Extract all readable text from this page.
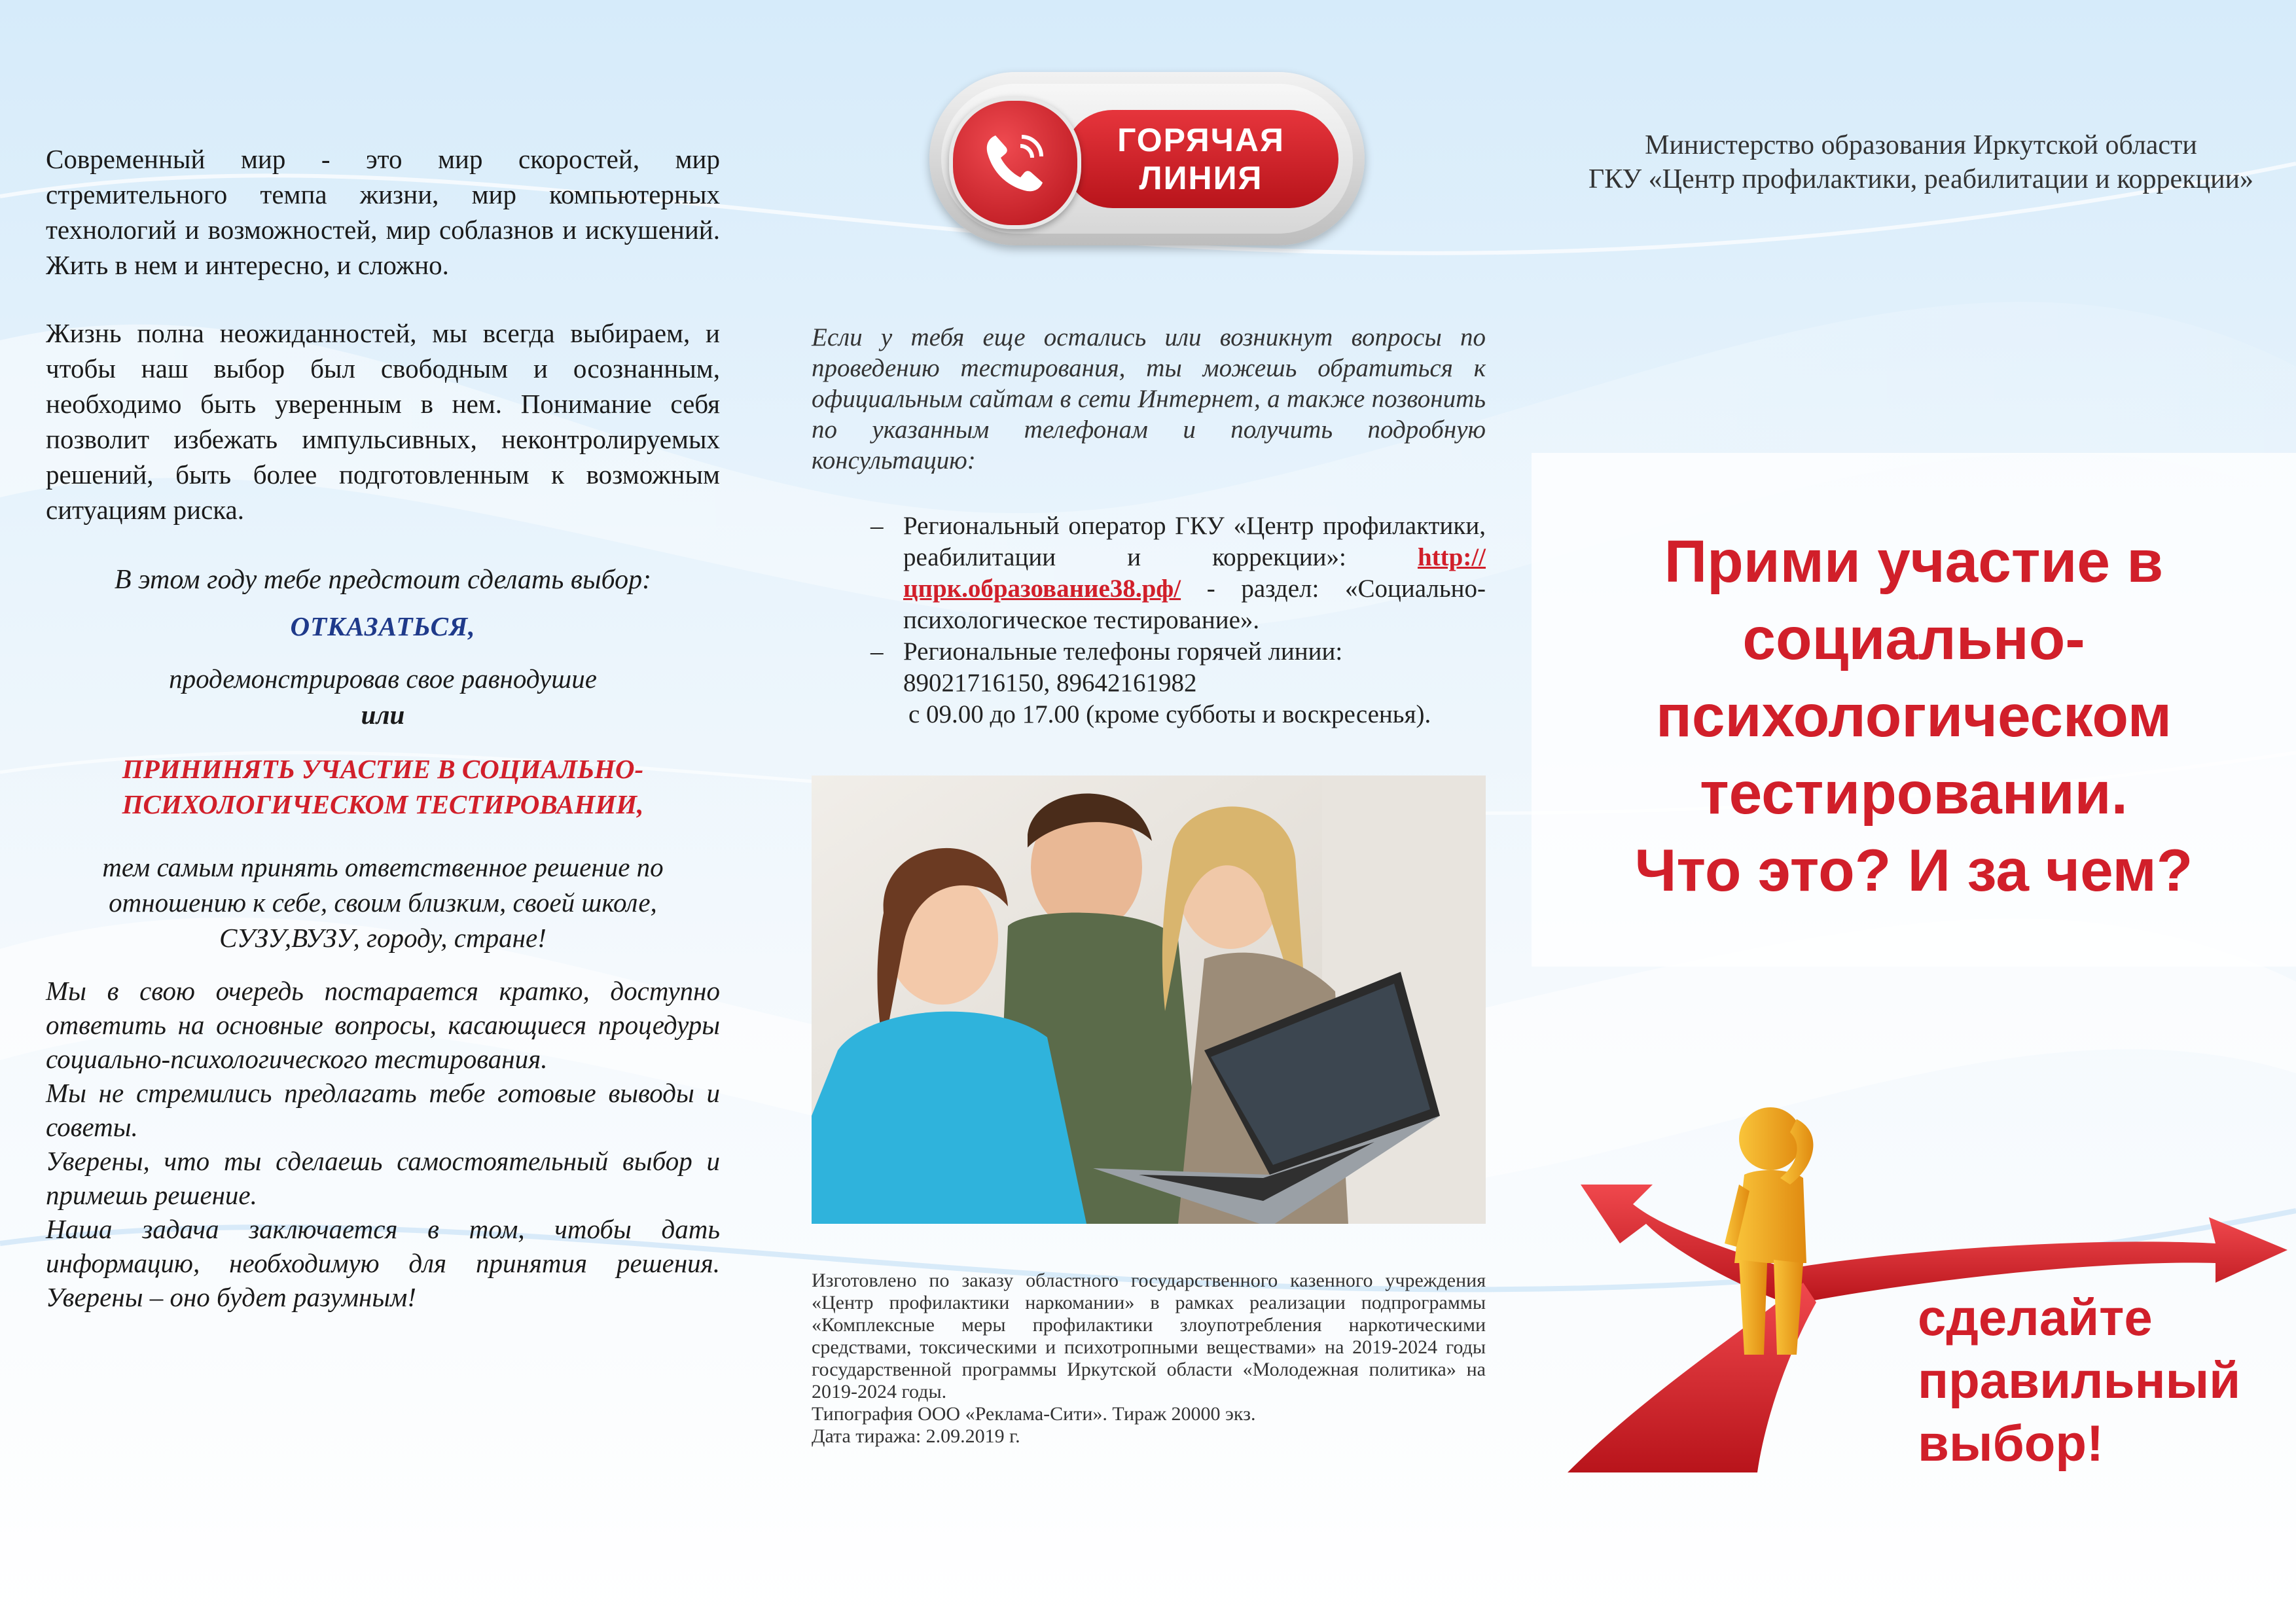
Современный мир - это мир скоростей, мир стремительного темпа жизни, мир компьютерных технологий и возможностей, мир соблазнов и искушений. Жить в нем и интересно, и сложно.

Жизнь полна неожиданностей, мы всегда выбираем, и чтобы наш выбор был свободным и осознанным, необходимо быть уверенным в нем. Понимание себя позволит избежать импульсивных, неконтролируемых решений, быть более подготовленным к возможным ситуациям риска.

В этом году тебе предстоит сделать выбор:
ОТКАЗАТЬСЯ,
продемонстрировав свое равнодушие
или
ПРИНИНЯТЬ УЧАСТИЕ В СОЦИАЛЬНО-ПСИХОЛОГИЧЕСКОМ ТЕСТИРОВАНИИ,
тем самым принять ответственное решение по отношению к себе, своим близким, своей школе, СУЗУ,ВУЗУ, городу, стране!

Мы в свою очередь постарается кратко, доступно ответить на основные вопросы, касающиеся процедуры социально-психологического тестирования.

Мы не стремились предлагать тебе готовые выводы и советы.

Уверены, что ты сделаешь самостоятельный выбор и примешь решение.

Наша задача заключается в том, чтобы дать информацию, необходимую для принятия решения. Уверены – оно будет разумным!

ГОРЯЧАЯ
ЛИНИЯ
Если у тебя еще остались или возникнут вопросы по проведению тестирования, ты можешь обратиться к официальным сайтам в сети Интернет, а также позвонить по указанным телефонам и получить подробную консультацию:
– Региональный оператор ГКУ «Центр профилактики, реабилитации и коррекции»: http://цпрк.образование38.рф/ - раздел: «Социально-психологическое тестирование».
– Региональные телефоны горячей линии:
89021716150, 89642161982
с 09.00 до 17.00 (кроме субботы и воскресенья).
Изготовлено по заказу областного государственного казенного учреждения «Центр профилактики наркомании» в рамках реализации подпрограммы «Комплексные меры профилактики злоупотребления наркотическими средствами, токсическими и психотропными веществами» на 2019-2024 годы государственной программы Иркутской области «Молодежная политика» на 2019-2024 годы.
Типография ООО «Реклама-Сити». Тираж 20000 экз.
Дата тиража: 2.09.2019 г.
Министерство образования Иркутской области
ГКУ «Центр профилактики, реабилитации и коррекции»
Прими участие в
социально-
психологическом
тестировании.
Что это? И за чем?
сделайте
правильный
выбор!
